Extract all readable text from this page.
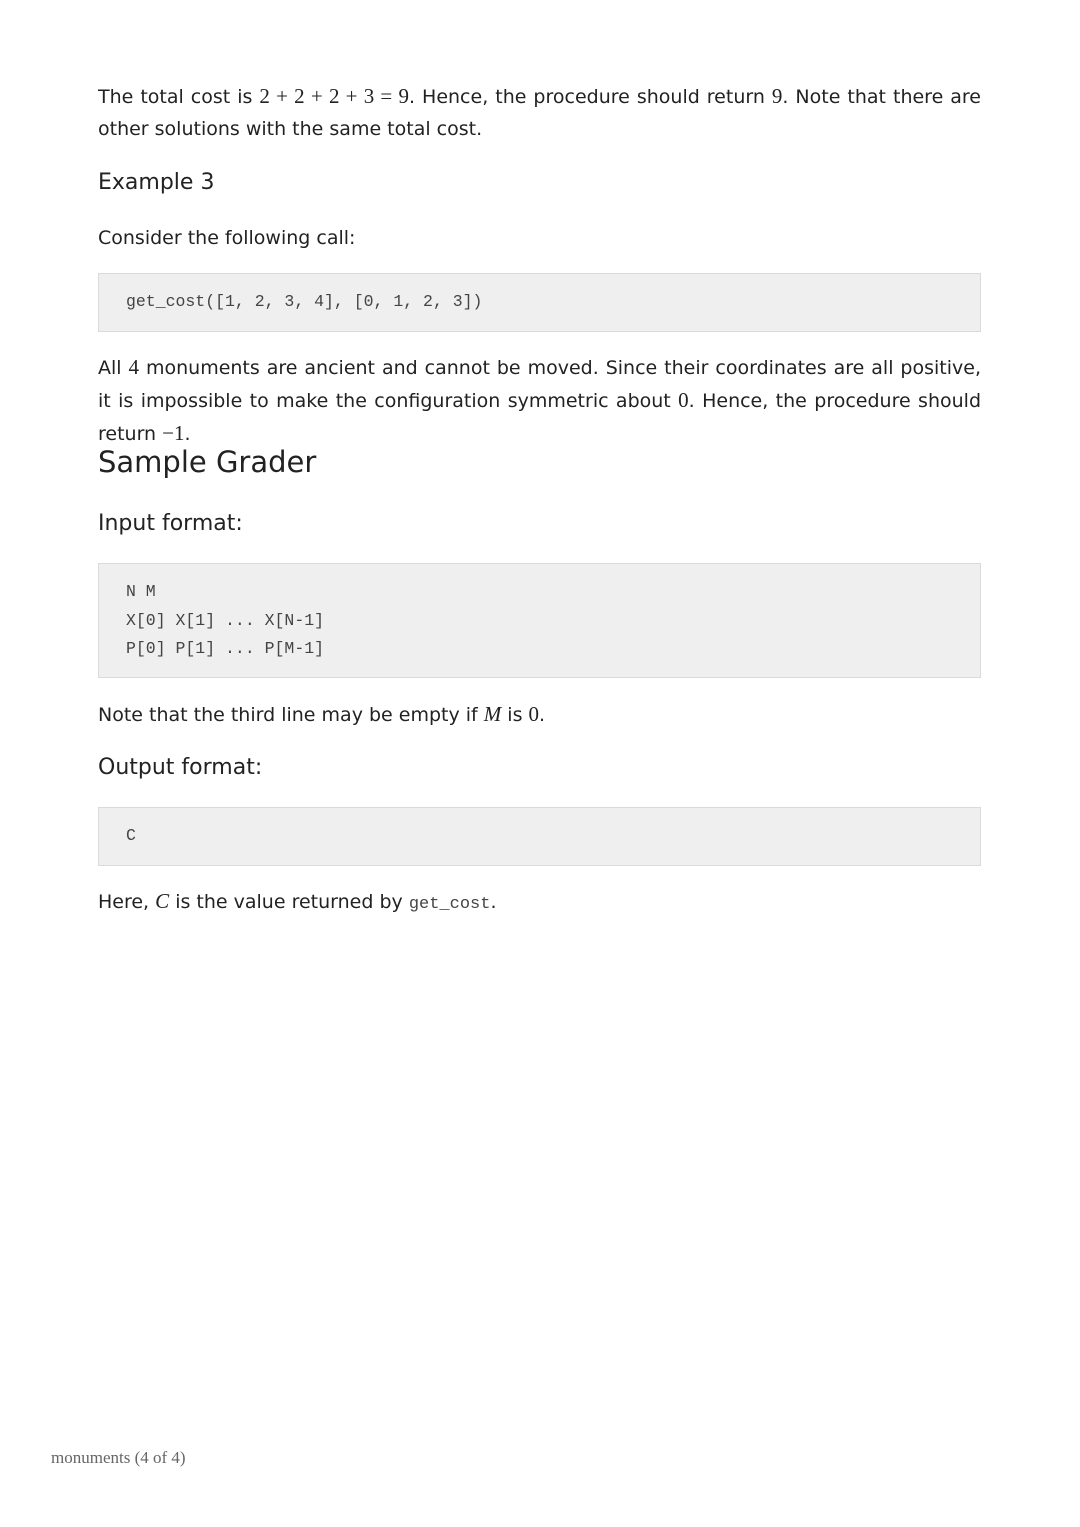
The total cost is 2 + 2 + 2 + 3 = 9. Hence, the procedure should return 9. Note that there are other solutions with the same total cost.

Example 3

Consider the following call:

get_cost([1, 2, 3, 4], [0, 1, 2, 3])

All 4 monuments are ancient and cannot be moved. Since their coordinates are all positive, it is impossible to make the configuration symmetric about 0. Hence, the procedure should return −1.

Sample Grader
Input format:
N M
X[0] X[1] ... X[N-1]
P[0] P[1] ... P[M-1]

Note that the third line may be empty if M is 0.

Output format:
C

Here, C is the value returned by get_cost.

monuments (4 of 4)
